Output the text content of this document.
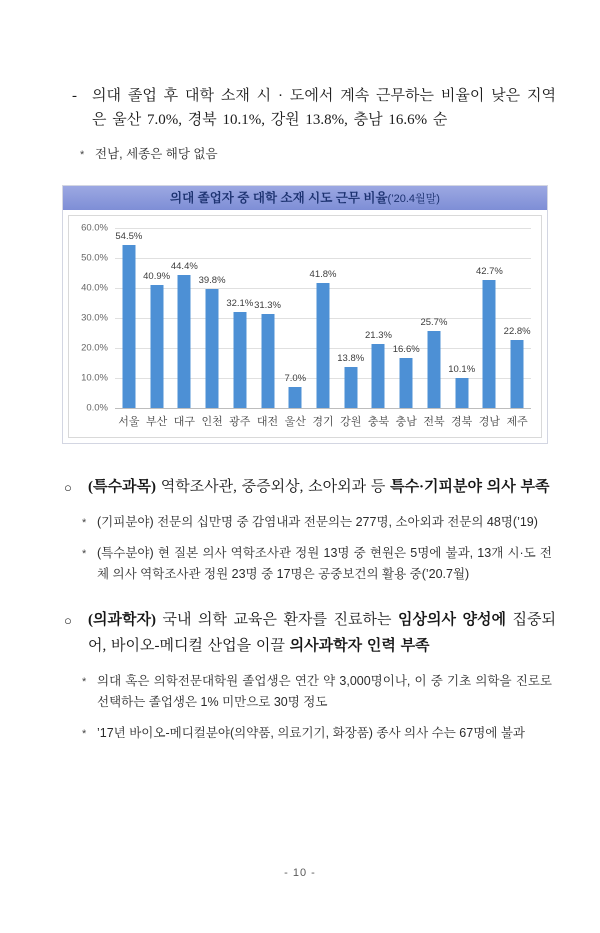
- 의대 졸업 후 대학 소재 시 · 도에서 계속 근무하는 비율이 낮은 지역은 울산 7.0%, 경북 10.1%, 강원 13.8%, 충남 16.6% 순
* 전남, 세종은 해당 없음
의대 졸업자 중 대학 소재 시도 근무 비율(’20.4월말)
60.0%
50.0%
40.0%
30.0%
20.0%
10.0%
0.0%
54.5%
40.9%
44.4%
39.8%
32.1% 31.3%
7.0%
41.8%
13.8%
21.3%
16.6%
25.7%
10.1%
42.7%
22.8%
서울 부산 대구 인천 광주 대전 울산 경기 강원 충북 충남 전북 경북 경남 제주
○ (특수과목) 역학조사관, 중증외상, 소아외과 등 특수·기피분야 의사 부족
* (기피분야) 전문의 십만명 중 감염내과 전문의는 277명, 소아외과 전문의 48명(’19)
* (특수분야) 현 질본 의사 역학조사관 정원 13명 중 현원은 5명에 불과, 13개 시·도 전체 의사 역학조사관 정원 23명 중 17명은 공중보건의 활용 중(’20.7월)
○ (의과학자) 국내 의학 교육은 환자를 진료하는 임상의사 양성에 집중되어, 바이오-메디컬 산업을 이끌 의사과학자 인력 부족
* 의대 혹은 의학전문대학원 졸업생은 연간 약 3,000명이나, 이 중 기초 의학을 진로로 선택하는 졸업생은 1% 미만으로 30명 정도
* ’17년 바이오-메디컬분야(의약품, 의료기기, 화장품) 종사 의사 수는 67명에 불과
- 10 -
